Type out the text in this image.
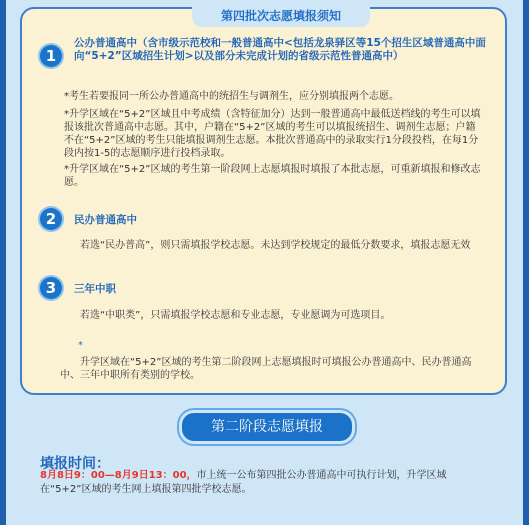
第四批次志愿填报须知
1
公办普通高中（含市级示范校和一般普通高中<包括龙泉驿区等15个招生区域普通高中面向“5+2”区域招生计划>以及部分未完成计划的省级示范性普通高中）
*考生若要报同一所公办普通高中的统招生与调剂生，应分别填报两个志愿。
*升学区域在“5+2”区域且中考成绩（含特征加分）达到一般普通高中最低送档线的考生可以填报该批次普通高中志愿。其中，户籍在“5+2”区域的考生可以填报统招生、调剂生志愿；户籍不在“5+2”区域的考生只能填报调剂生志愿。本批次普通高中的录取实行1分段投档，在每1分段内按1-5的志愿顺序进行投档录取。
*升学区域在“5+2”区域的考生第一阶段网上志愿填报时填报了本批志愿，可重新填报和修改志愿。
2	民办普通高中
若选“民办普高”，则只需填报学校志愿。未达到学校规定的最低分数要求，填报志愿无效
3	三年中职
若选“中职类”，只需填报学校志愿和专业志愿，专业愿调为可选项目。
*
升学区域在“5+2”区域的考生第二阶段网上志愿填报时可填报公办普通高中、民办普通高中、三年中职所有类别的学校。
第二阶段志愿填报
填报时间：
8月8日9：00—8月9日13：00，市上统一公布第四批公办普通高中可执行计划，升学区域在“5+2”区域的考生网上填报第四批学校志愿。
